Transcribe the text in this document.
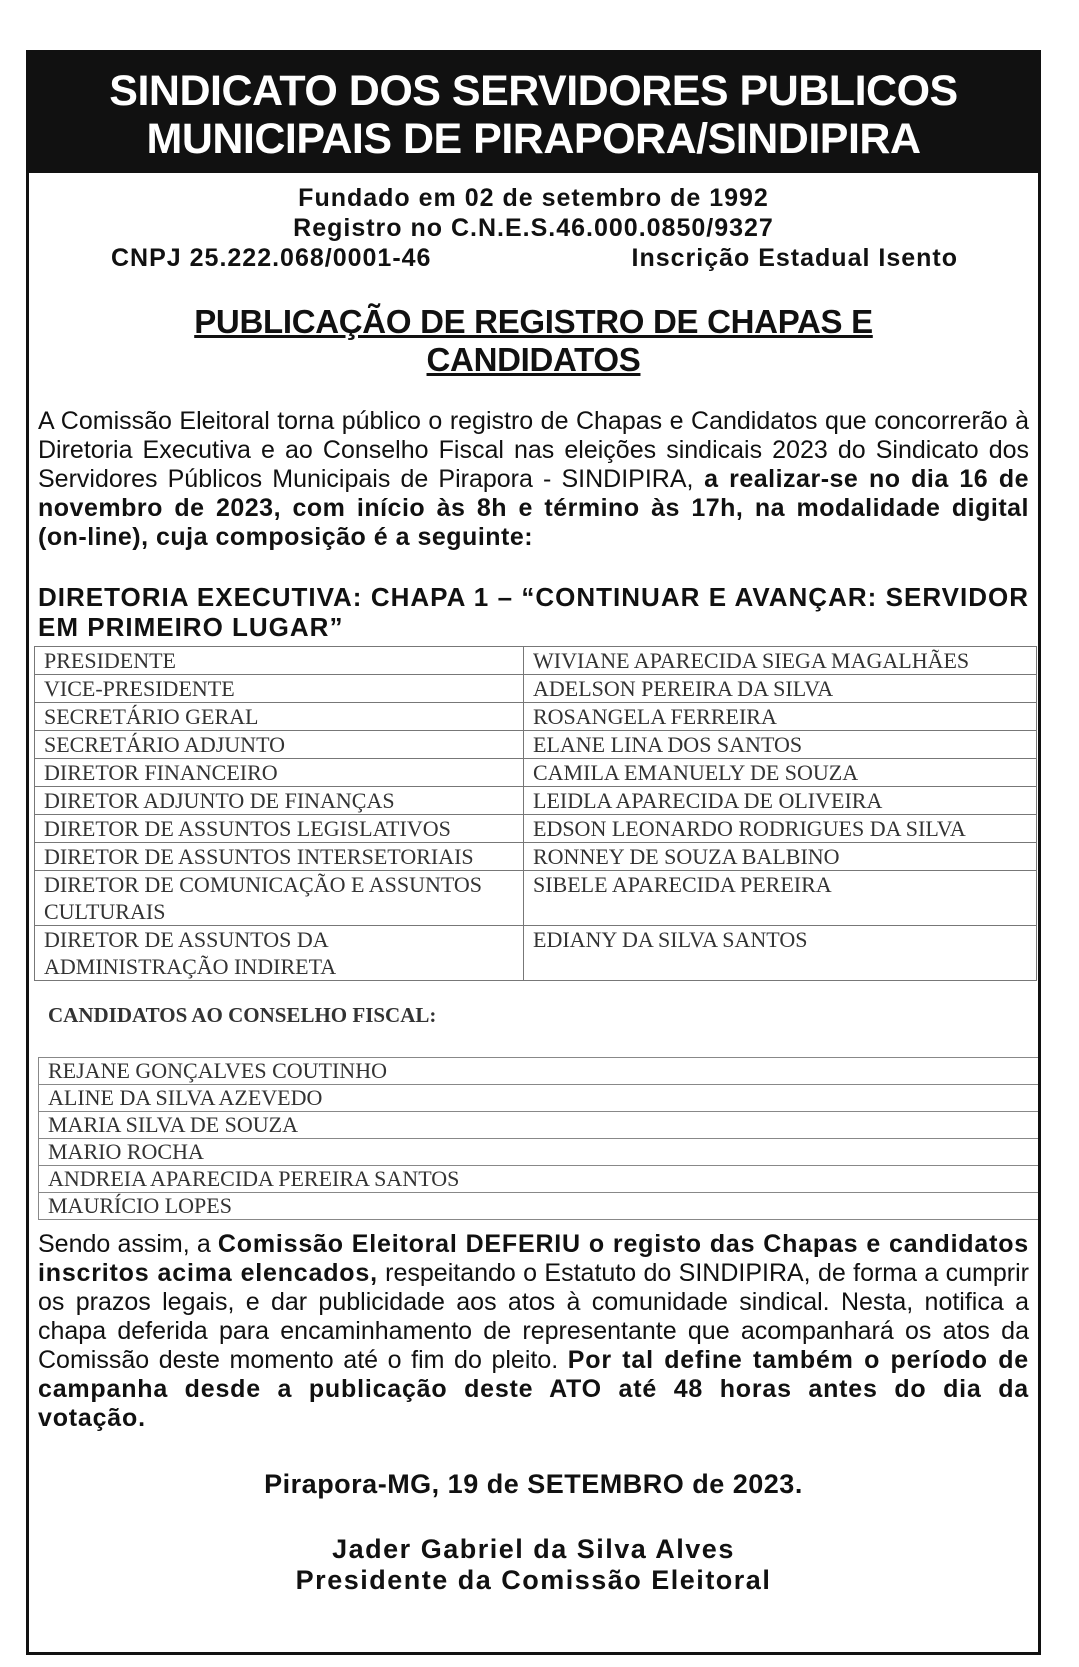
SINDICATO DOS SERVIDORES PUBLICOS
MUNICIPAIS DE PIRAPORA/SINDIPIRA
Fundado em 02 de setembro de 1992
Registro no C.N.E.S.46.000.0850/9327
CNPJ 25.222.068/0001-46	Inscrição Estadual Isento
PUBLICAÇÃO DE REGISTRO DE CHAPAS E
CANDIDATOS
A Comissão Eleitoral torna público o registro de Chapas e Candidatos que concorrerão à Diretoria Executiva e ao Conselho Fiscal nas eleições sindicais 2023 do Sindicato dos Servidores Públicos Municipais de Pirapora - SINDIPIRA, a realizar-se no dia 16 de novembro de 2023, com início às 8h e término às 17h, na modalidade digital (on-line), cuja composição é a seguinte:
DIRETORIA EXECUTIVA: CHAPA 1 – “CONTINUAR E AVANÇAR: SERVIDOR EM PRIMEIRO LUGAR”
PRESIDENTE	WIVIANE APARECIDA SIEGA MAGALHÃES
VICE-PRESIDENTE	ADELSON PEREIRA DA SILVA
SECRETÁRIO GERAL	ROSANGELA FERREIRA
SECRETÁRIO ADJUNTO	ELANE LINA DOS SANTOS
DIRETOR FINANCEIRO	CAMILA EMANUELY DE SOUZA
DIRETOR ADJUNTO DE FINANÇAS	LEIDLA APARECIDA DE OLIVEIRA
DIRETOR DE ASSUNTOS LEGISLATIVOS	EDSON LEONARDO RODRIGUES DA SILVA
DIRETOR DE ASSUNTOS INTERSETORIAIS	RONNEY DE SOUZA BALBINO
DIRETOR DE COMUNICAÇÃO E ASSUNTOS CULTURAIS	SIBELE APARECIDA PEREIRA
DIRETOR DE ASSUNTOS DA ADMINISTRAÇÃO INDIRETA	EDIANY DA SILVA SANTOS
CANDIDATOS AO CONSELHO FISCAL:
REJANE GONÇALVES COUTINHO
ALINE DA SILVA AZEVEDO
MARIA SILVA DE SOUZA
MARIO ROCHA
ANDREIA APARECIDA PEREIRA SANTOS
MAURÍCIO LOPES
Sendo assim, a Comissão Eleitoral DEFERIU o registo das Chapas e candidatos inscritos acima elencados, respeitando o Estatuto do SINDIPIRA, de forma a cumprir os prazos legais, e dar publicidade aos atos à comunidade sindical. Nesta, notifica a chapa deferida para encaminhamento de representante que acompanhará os atos da Comissão deste momento até o fim do pleito. Por tal define também o período de campanha desde a publicação deste ATO até 48 horas antes do dia da votação.
Pirapora-MG, 19 de SETEMBRO de 2023.
Jader Gabriel da Silva Alves
Presidente da Comissão Eleitoral
